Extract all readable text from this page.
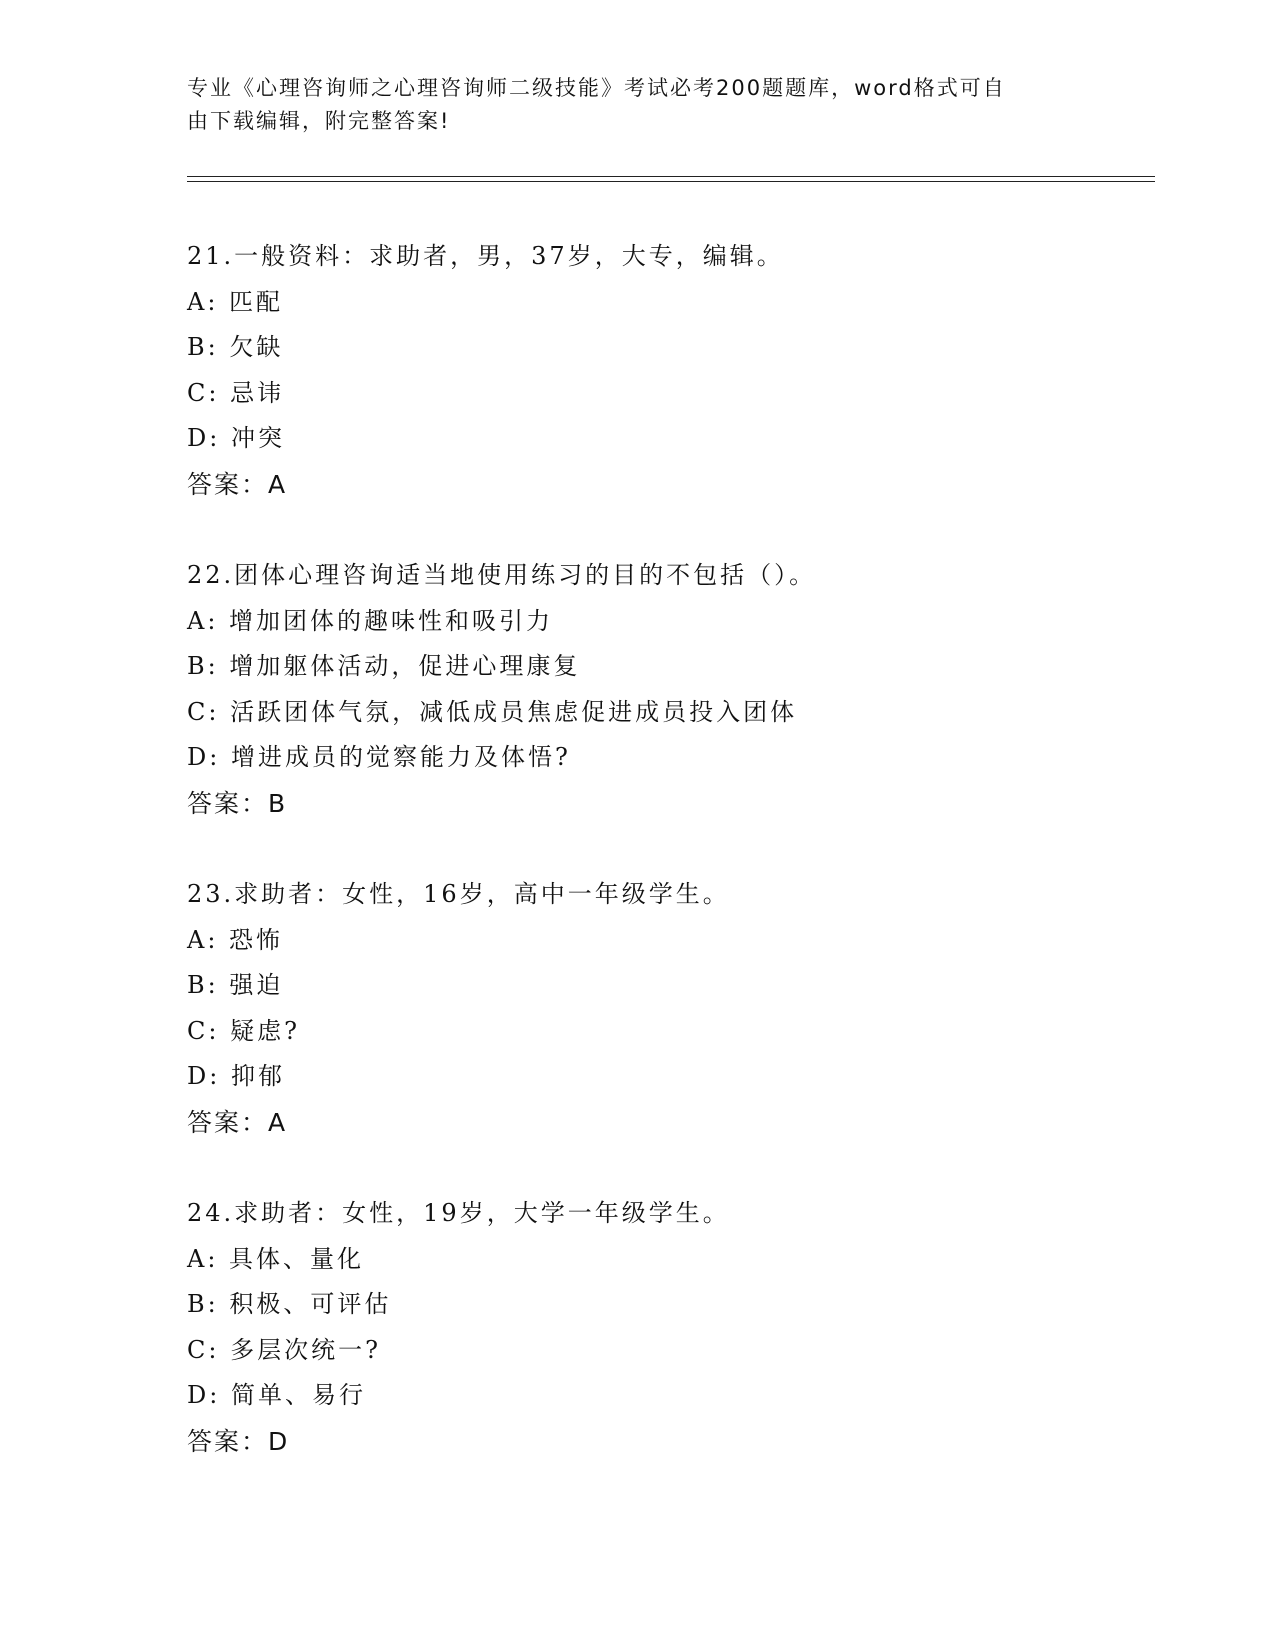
专业《心理咨询师之心理咨询师二级技能》考试必考200题题库，word格式可自
由下载编辑，附完整答案!
21.一般资料：求助者，男，37岁，大专，编辑。
A: 匹配
B: 欠缺
C: 忌讳
D: 冲突
答案：A
22.团体心理咨询适当地使用练习的目的不包括（）。
A: 增加团体的趣味性和吸引力
B: 增加躯体活动，促进心理康复
C: 活跃团体气氛，减低成员焦虑促进成员投入团体
D: 增进成员的觉察能力及体悟?
答案：B
23.求助者：女性，16岁，高中一年级学生。
A: 恐怖
B: 强迫
C: 疑虑?
D: 抑郁
答案：A
24.求助者：女性，19岁，大学一年级学生。
A: 具体、量化
B: 积极、可评估
C: 多层次统一?
D: 简单、易行
答案：D
